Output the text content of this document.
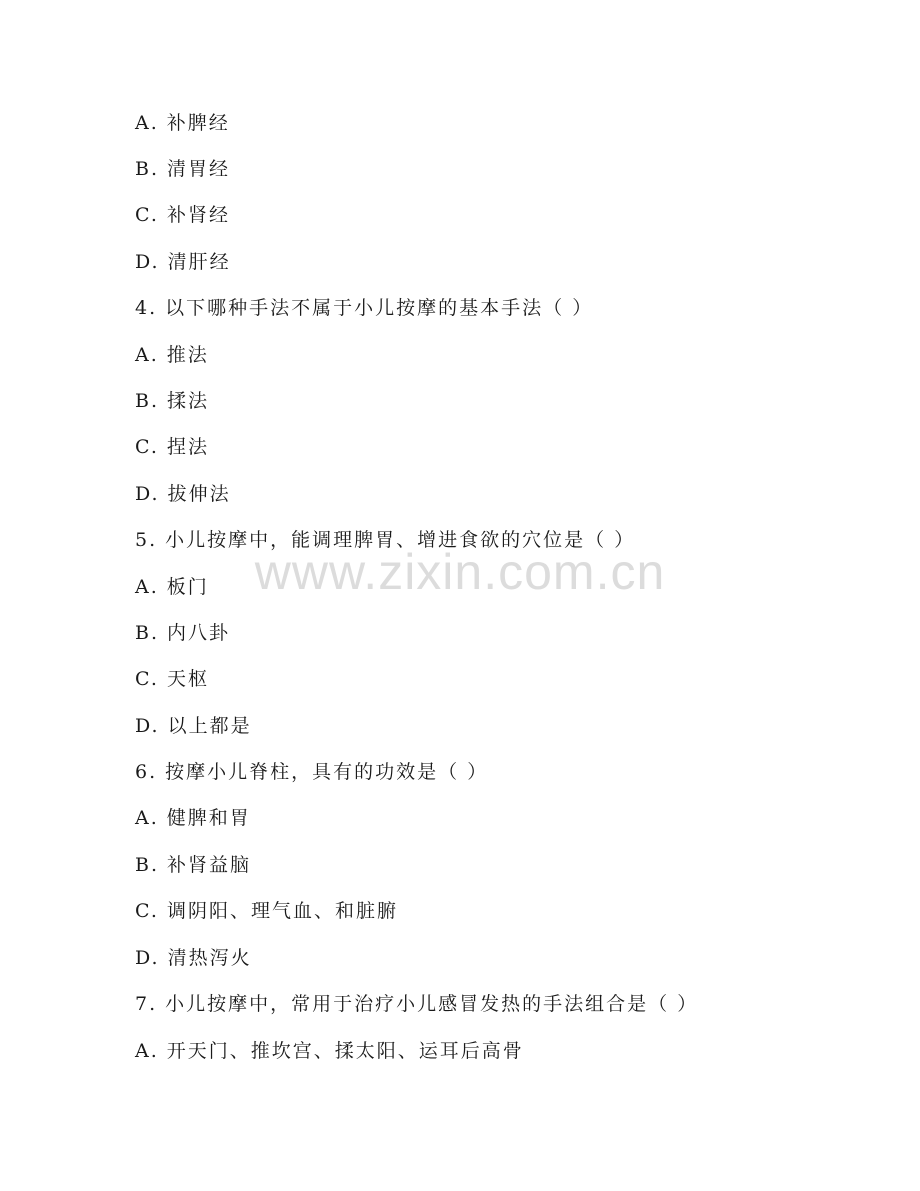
A. 补脾经
B. 清胃经
C. 补肾经
D. 清肝经
4. 以下哪种手法不属于小儿按摩的基本手法（ ）
A. 推法
B. 揉法
C. 捏法
D. 拔伸法
5. 小儿按摩中，能调理脾胃、增进食欲的穴位是（ ）
A. 板门
B. 内八卦
C. 天枢
D. 以上都是
6. 按摩小儿脊柱，具有的功效是（ ）
A. 健脾和胃
B. 补肾益脑
C. 调阴阳、理气血、和脏腑
D. 清热泻火
7. 小儿按摩中，常用于治疗小儿感冒发热的手法组合是（ ）
A. 开天门、推坎宫、揉太阳、运耳后高骨
www.zixin.com.cn
